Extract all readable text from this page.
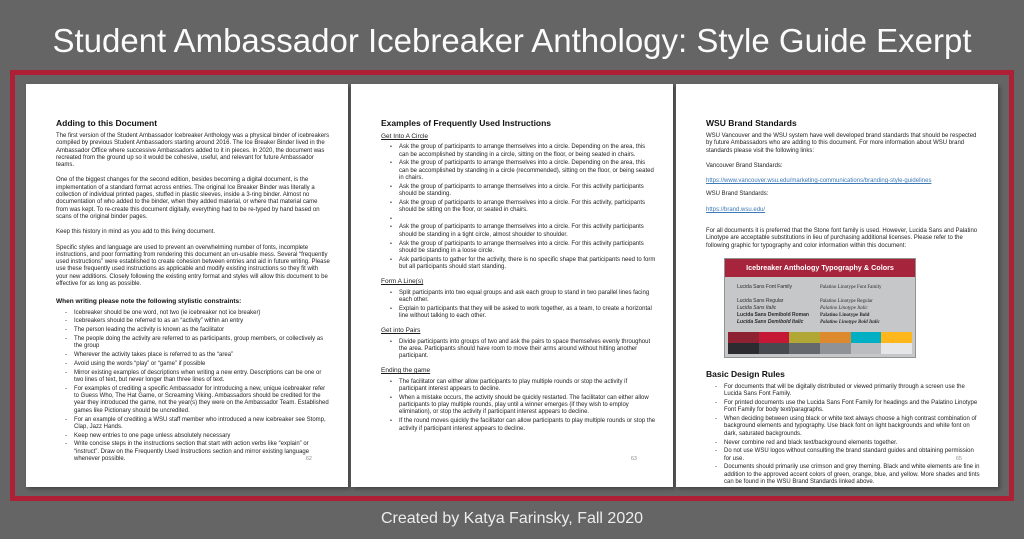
Student Ambassador Icebreaker Anthology: Style Guide Exerpt
Adding to this Document

The first version of the Student Ambassador Icebreaker Anthology was a physical binder of icebreakers compiled by previous Student Ambassadors starting around 2016. The Ice Breaker Binder lived in the Ambassador Office where successive Ambassadors added to it in pieces. In 2020, the document was recreated from the ground up so it would be cohesive, useful, and relevant for future Ambassador teams.

One of the biggest changes for the second edition, besides becoming a digital document, is the implementation of a standard format across entries. The original Ice Breaker Binder was literally a collection of individual printed pages, stuffed in plastic sleeves, inside a 3-ring binder. Almost no documentation of who added to the binder, when they added material, or where that material came from was kept. To re-create this document digitally, everything had to be re-typed by hand based on scans of the original binder pages.

Keep this history in mind as you add to this living document.

Specific styles and language are used to prevent an overwhelming number of fonts, incomplete instructions, and poor formatting from rendering this document an un-usable mess. Several “frequently used instructions” were established to create cohesion between entries and aid in future writing. Please use these frequently used instructions as applicable and modify existing instructions so they fit with your new additions. Closely following the existing entry format and styles will allow this document to be effective for as long as possible.

When writing please note the following stylistic constraints:
- Icebreaker should be one word, not two (ie icebreaker not ice breaker)
- Icebreakers should be referred to as an “activity” within an entry
- The person leading the activity is known as the facilitator
- The people doing the activity are referred to as participants, group members, or collectively as the group
- Wherever the activity takes place is referred to as the “area”
- Avoid using the words “play” or “game” if possible
- Mirror existing examples of descriptions when writing a new entry. Descriptions can be one or two lines of text, but never longer than three lines of text.
- For examples of crediting a specific Ambassador for introducing a new, unique icebreaker refer to Guess Who, The Hat Game, or Screaming Viking. Ambassadors should be credited for the year they introduced the game, not the year(s) they were on the Ambassador Team. Established games like Pictionary should be uncredited.
- For an example of crediting a WSU staff member who introduced a new icebreaker see Stomp, Clap, Jazz Hands.
- Keep new entries to one page unless absolutely necessary
- Write concise steps in the instructions section that start with action verbs like “explain” or “instruct”. Draw on the Frequently Used Instructions section and mirror existing language whenever possible.	62
Examples of Frequently Used Instructions
Get Into A Circle
• Ask the group of participants to arrange themselves into a circle. Depending on the area, this can be accomplished by standing in a circle, sitting on the floor, or being seated in chairs.
• Ask the group of participants to arrange themselves into a circle. Depending on the area, this can be accomplished by standing in a circle (recommended), sitting on the floor, or being seated in chairs.
• Ask the group of participants to arrange themselves into a circle. For this activity participants should be standing.
• Ask the group of participants to arrange themselves into a circle. For this activity, participants should be sitting on the floor, or seated in chairs.
•
• Ask the group of participants to arrange themselves into a circle. For this activity participants should be standing in a tight circle, almost shoulder to shoulder.
• Ask the group of participants to arrange themselves into a circle. For this activity participants should be standing in a loose circle.
• Ask participants to gather for the activity, there is no specific shape that participants need to form but all participants should start standing.
Form A Line(s)
• Split participants into two equal groups and ask each group to stand in two parallel lines facing each other.
• Explain to participants that they will be asked to work together, as a team, to create a horizontal line without talking to each other.
Get into Pairs
• Divide participants into groups of two and ask the pairs to space themselves evenly throughout the area. Participants should have room to move their arms around without hitting another participant.
Ending the game
• The facilitator can either allow participants to play multiple rounds or stop the activity if participant interest appears to decline.
• When a mistake occurs, the activity should be quickly restarted. The facilitator can either allow participants to play multiple rounds, play until a winner emerges (if they wish to employ elimination), or stop the activity if participant interest appears to decline.
• If the round moves quickly the facilitator can allow participants to play multiple rounds or stop the activity if participant interest appears to decline.
63
WSU Brand Standards

WSU Vancouver and the WSU system have well developed brand standards that should be respected by future Ambassadors who are adding to this document. For more information about WSU brand standards please visit the following links:

Vancouver Brand Standards:

https://www.vancouver.wsu.edu/marketing-communications/branding-style-guidelines

WSU Brand Standards:

https://brand.wsu.edu/

For all documents it is preferred that the Stone font family is used. However, Lucida Sans and Palatino Linotype are acceptable substitutions in lieu of purchasing additional licenses. Please refer to the following graphic for typography and color information within this document:

Icebreaker Anthology Typography & Colors
Lucida Sans Font Family
Lucida Sans Regular
Lucida Sans Italic
Lucida Sans Demibold Roman
Lucida Sans Demibold Italic
Palatino Linotype Font Family
Palatino Linotype Regular
Palatino Linotype Italic
Palatino Linotype Bold
Palatino Linotype Bold Italic
Basic Design Rules
- For documents that will be digitally distributed or viewed primarily through a screen use the Lucida Sans Font Family.
- For printed documents use the Lucida Sans Font Family for headings and the Palatino Linotype Font Family for body text/paragraphs.
- When deciding between using black or white text always choose a high contrast combination of background elements and typography. Use black font on light backgrounds and white font on dark, saturated backgrounds.
- Never combine red and black text/background elements together.
- Do not use WSU logos without consulting the brand standard guides and obtaining permission for use.
- Documents should primarily use crimson and grey theming. Black and white elements are fine in addition to the approved accent colors of green, orange, blue, and yellow. More shades and tints can be found in the WSU Brand Standards linked above.
65
Created by Katya Farinsky, Fall 2020
